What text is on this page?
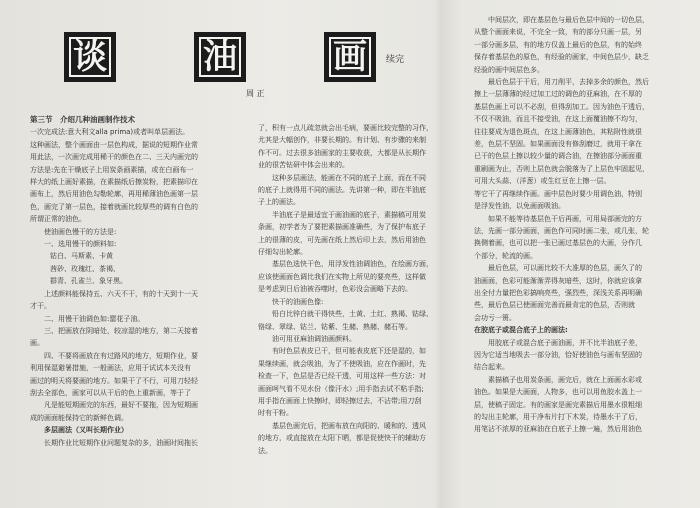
谈	油	画	续完
周 正

第三节　介绍几种油画制作技术

一次完成法:意大利文alla prima)或者叫单层画法。

这种画法，整个画面由一层色构成，据说的短期作业常

用此法，一次画完成用稀干的颜色在二、三天内画完的

方法是:先在干燥底子上用炭条画素描，或在白画布一

样大的纸上画好素描，在素描纸后擦炭粉，把素描印在

画布上，然后用油色勾勒轮廓，再用稀薄油色画第一层

色，画完了第一层色，接着就画比较厚些的调有白色的

所谓正常的油色。

使油画色慢干的方法是:

一、选用慢干的颜料如:

钴白、马斯素、卡黄

茜砂、玫瑰红、茶褐、

群青、孔雀兰、象牙黑。

上述颜料能保持五、六天不干，有的十天到十一天

才干。

二、用慢干油调色如:罂花子油。

三、把画放在阴暗处，较凉湿的地方，第二天接着

画。

四、不要将画放在有过路风的地方，短期作业，要

利用保湿避暑措施，一般画法，应用于试试本关没有

画过的明天将要画的地方。如果干了不行，可用刀轻轻

刮去全部色，画家可以从干后的色上重新画，等于了

凡是能短期画完的东西，最好不要拖，因为短期画

成的画面能保持它的新鲜色调。

多层画法（又叫长期作业）

长期作业比短期作业问题复杂的多，油画时间拖长

了，积有一点儿疏忽就会出毛病，要画比较完整的习作，

尤其是大幅创作，非要长期的。有计划、有步骤的来制

作不可。过去很多油画家的主要收获，大都是从长期作

业的很苦钻研中体会出来的。

这种多层画法，能画在不同的底子上面，而在不同

的底子上就得用不同的画法。先讲第一种，即在半油底

子上的画法。

半油底子是最适宜于画油画的底子，素描稿可用炭

条画，初学者为了要把素描画准确些，为了保护布底子

上的很薄的皮，可先画在纸上然后印上去，然后用油色

仔细勾出轮廓。

基层色选快干色，用浮发性油调油色，在绘画方面，

应该使画面色调比我们在实物上所见的要亮些，这样做

是考虑到日后油被吞噬时，色彩没会画略下去的。

快干的油画色像:

铅白比锌白就干得快些，土黄、土红、熟褐、钴绿、

铬绿、翠绿、钴兰、钴紫、生赭、熟赭、赭石等。

油可用亚麻油调油画颜料。

有时色层表皮已干，但可能表皮底下还是湿的，如

果继续画，就会吸油，为了不使吸油，应在作画时，先

检查一下，色层是否已经干透，可用这样一些方法：对

画面呵气看不见水份（像汗水）;用手指去试不粘手指;

用手指在画面上快擦时，即轻擦过去，不沾带;用刀刮

时有干粉。

基层色画完后，把画布放在向阳的、暖和的、透风

的地方，或直接放在太阳下晒，都是促使快干的辅助方

法。

中间层次，即在基层色与最后色层中间的一切色层，

从整个画面来说，不完全一致，有的部分只画一层，另

一部分画多层，有的地方仅盖上最后的色层，有的始终

保存着基层色的原色，有经验的画家，中间色层少，缺乏

经验的画中间层色多。

最后色层于干后，用刀削平，去掉多余的颜色，然后

擦上一层薄薄的经过加工过的调色的亚麻油，在不厚的

基层色画上可以不必刮，但得刮加工。因为油色干透后，

不仅不吸油，而且不接受油，在这上面覆油擦不均匀，

往往要成为退色斑点，在这上画薄油色，其粘附性就很

差，色层不坚固。如果画面没有修刮磨过，就用干拿在

已干的色层上擦以较少量的调合油，在擦油部分画面重

重刷画为止，否则上层色就会脱落为了上层色牢固起见，

可用大头蒜、（洋葱）或生红豆在上擦一层。

等它干了再继续作画。画中层色时要少用调色油，特别

是浮发性油，以免画面吸油。

如果不能等待基层色干后再画，可用局部画完的方

法，先画一部分画面，画色作可同时画二张，或几张，轮

换侧着画，也可以把一张已画过基层色的大画，分作几

个部分，轮流的画。

最后色层，可以画比较不大准厚的色层，画久了的

油画面，色彩可能渐渐弄得灰暗些，这时，你就应该拿

出全付力量把色彩搞响亮些，强烈些，深浅关系再明确

些，最后色层已使画面完善而最肯定的色层，否则就

会功亏一篑。

在胶底子或混合底子上的画法:

用胶底子或混合底子画油画，并不比半油底子差，

因为它适当地吸去一部分油，恰好使油色与画布坚固的

结合起来。

素描稿子也用炭条画，画完后，就在上面画水彩或

油色。如果是大画面，人物多，也可以用鱼胶水盖上一

层，使稿子固定。有的画家是画完素描后用墨水很粗细

的勾出主轮廓，用干净布片打下木炭，待墨水干了后，

用笔沾不浓厚的亚麻油在白底子上擦一遍，然后用油色
